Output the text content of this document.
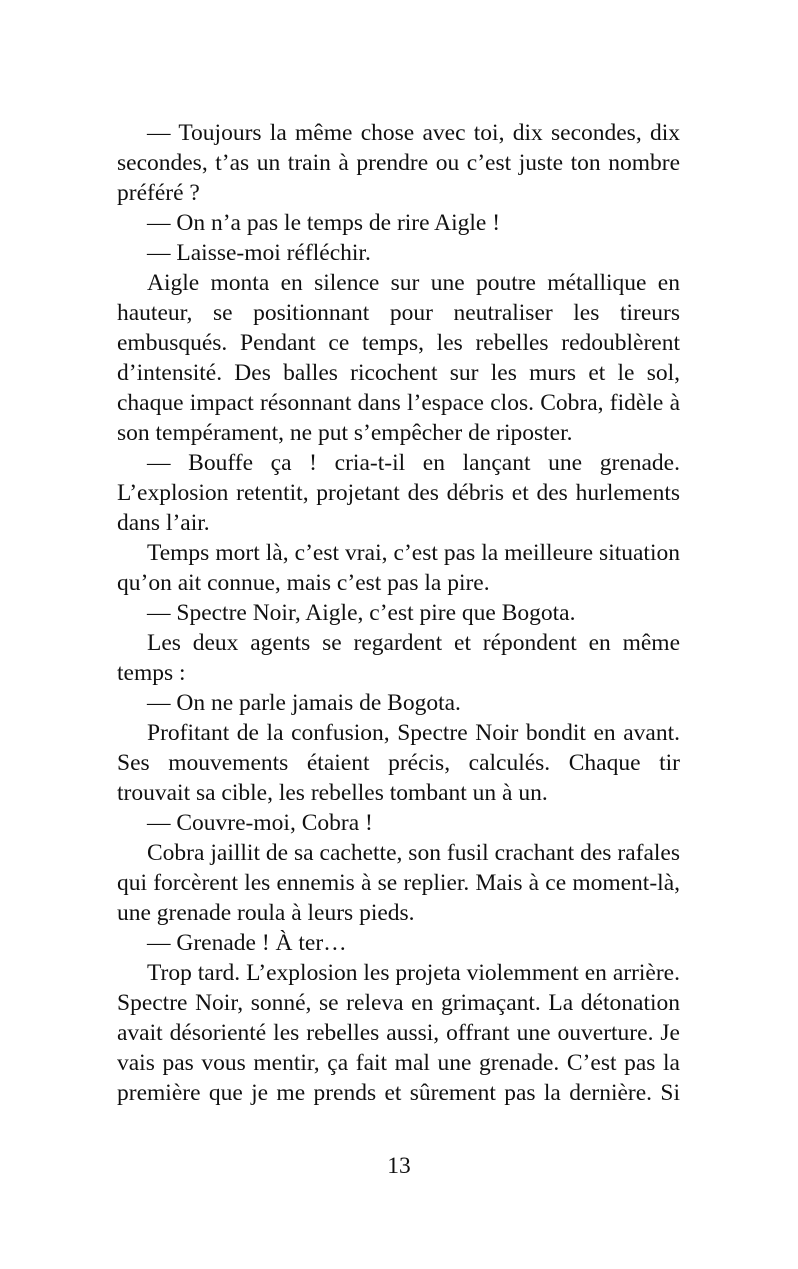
— Toujours la même chose avec toi, dix secondes, dix secondes, t’as un train à prendre ou c’est juste ton nombre préféré ?

— On n’a pas le temps de rire Aigle !

— Laisse-moi réfléchir.

Aigle monta en silence sur une poutre métallique en hauteur, se positionnant pour neutraliser les tireurs embusqués. Pendant ce temps, les rebelles redoublèrent d’intensité. Des balles ricochent sur les murs et le sol, chaque impact résonnant dans l’espace clos. Cobra, fidèle à son tempérament, ne put s’empêcher de riposter.

— Bouffe ça ! cria-t-il en lançant une grenade. L’explosion retentit, projetant des débris et des hurlements dans l’air.

Temps mort là, c’est vrai, c’est pas la meilleure situation qu’on ait connue, mais c’est pas la pire.

— Spectre Noir, Aigle, c’est pire que Bogota.

Les deux agents se regardent et répondent en même temps :

— On ne parle jamais de Bogota.

Profitant de la confusion, Spectre Noir bondit en avant. Ses mouvements étaient précis, calculés. Chaque tir trouvait sa cible, les rebelles tombant un à un.

— Couvre-moi, Cobra !

Cobra jaillit de sa cachette, son fusil crachant des rafales qui forcèrent les ennemis à se replier. Mais à ce moment-là, une grenade roula à leurs pieds.

— Grenade ! À ter…

Trop tard. L’explosion les projeta violemment en arrière. Spectre Noir, sonné, se releva en grimaçant. La détonation avait désorienté les rebelles aussi, offrant une ouverture. Je vais pas vous mentir, ça fait mal une grenade. C’est pas la première que je me prends et sûrement pas la dernière. Si

13
